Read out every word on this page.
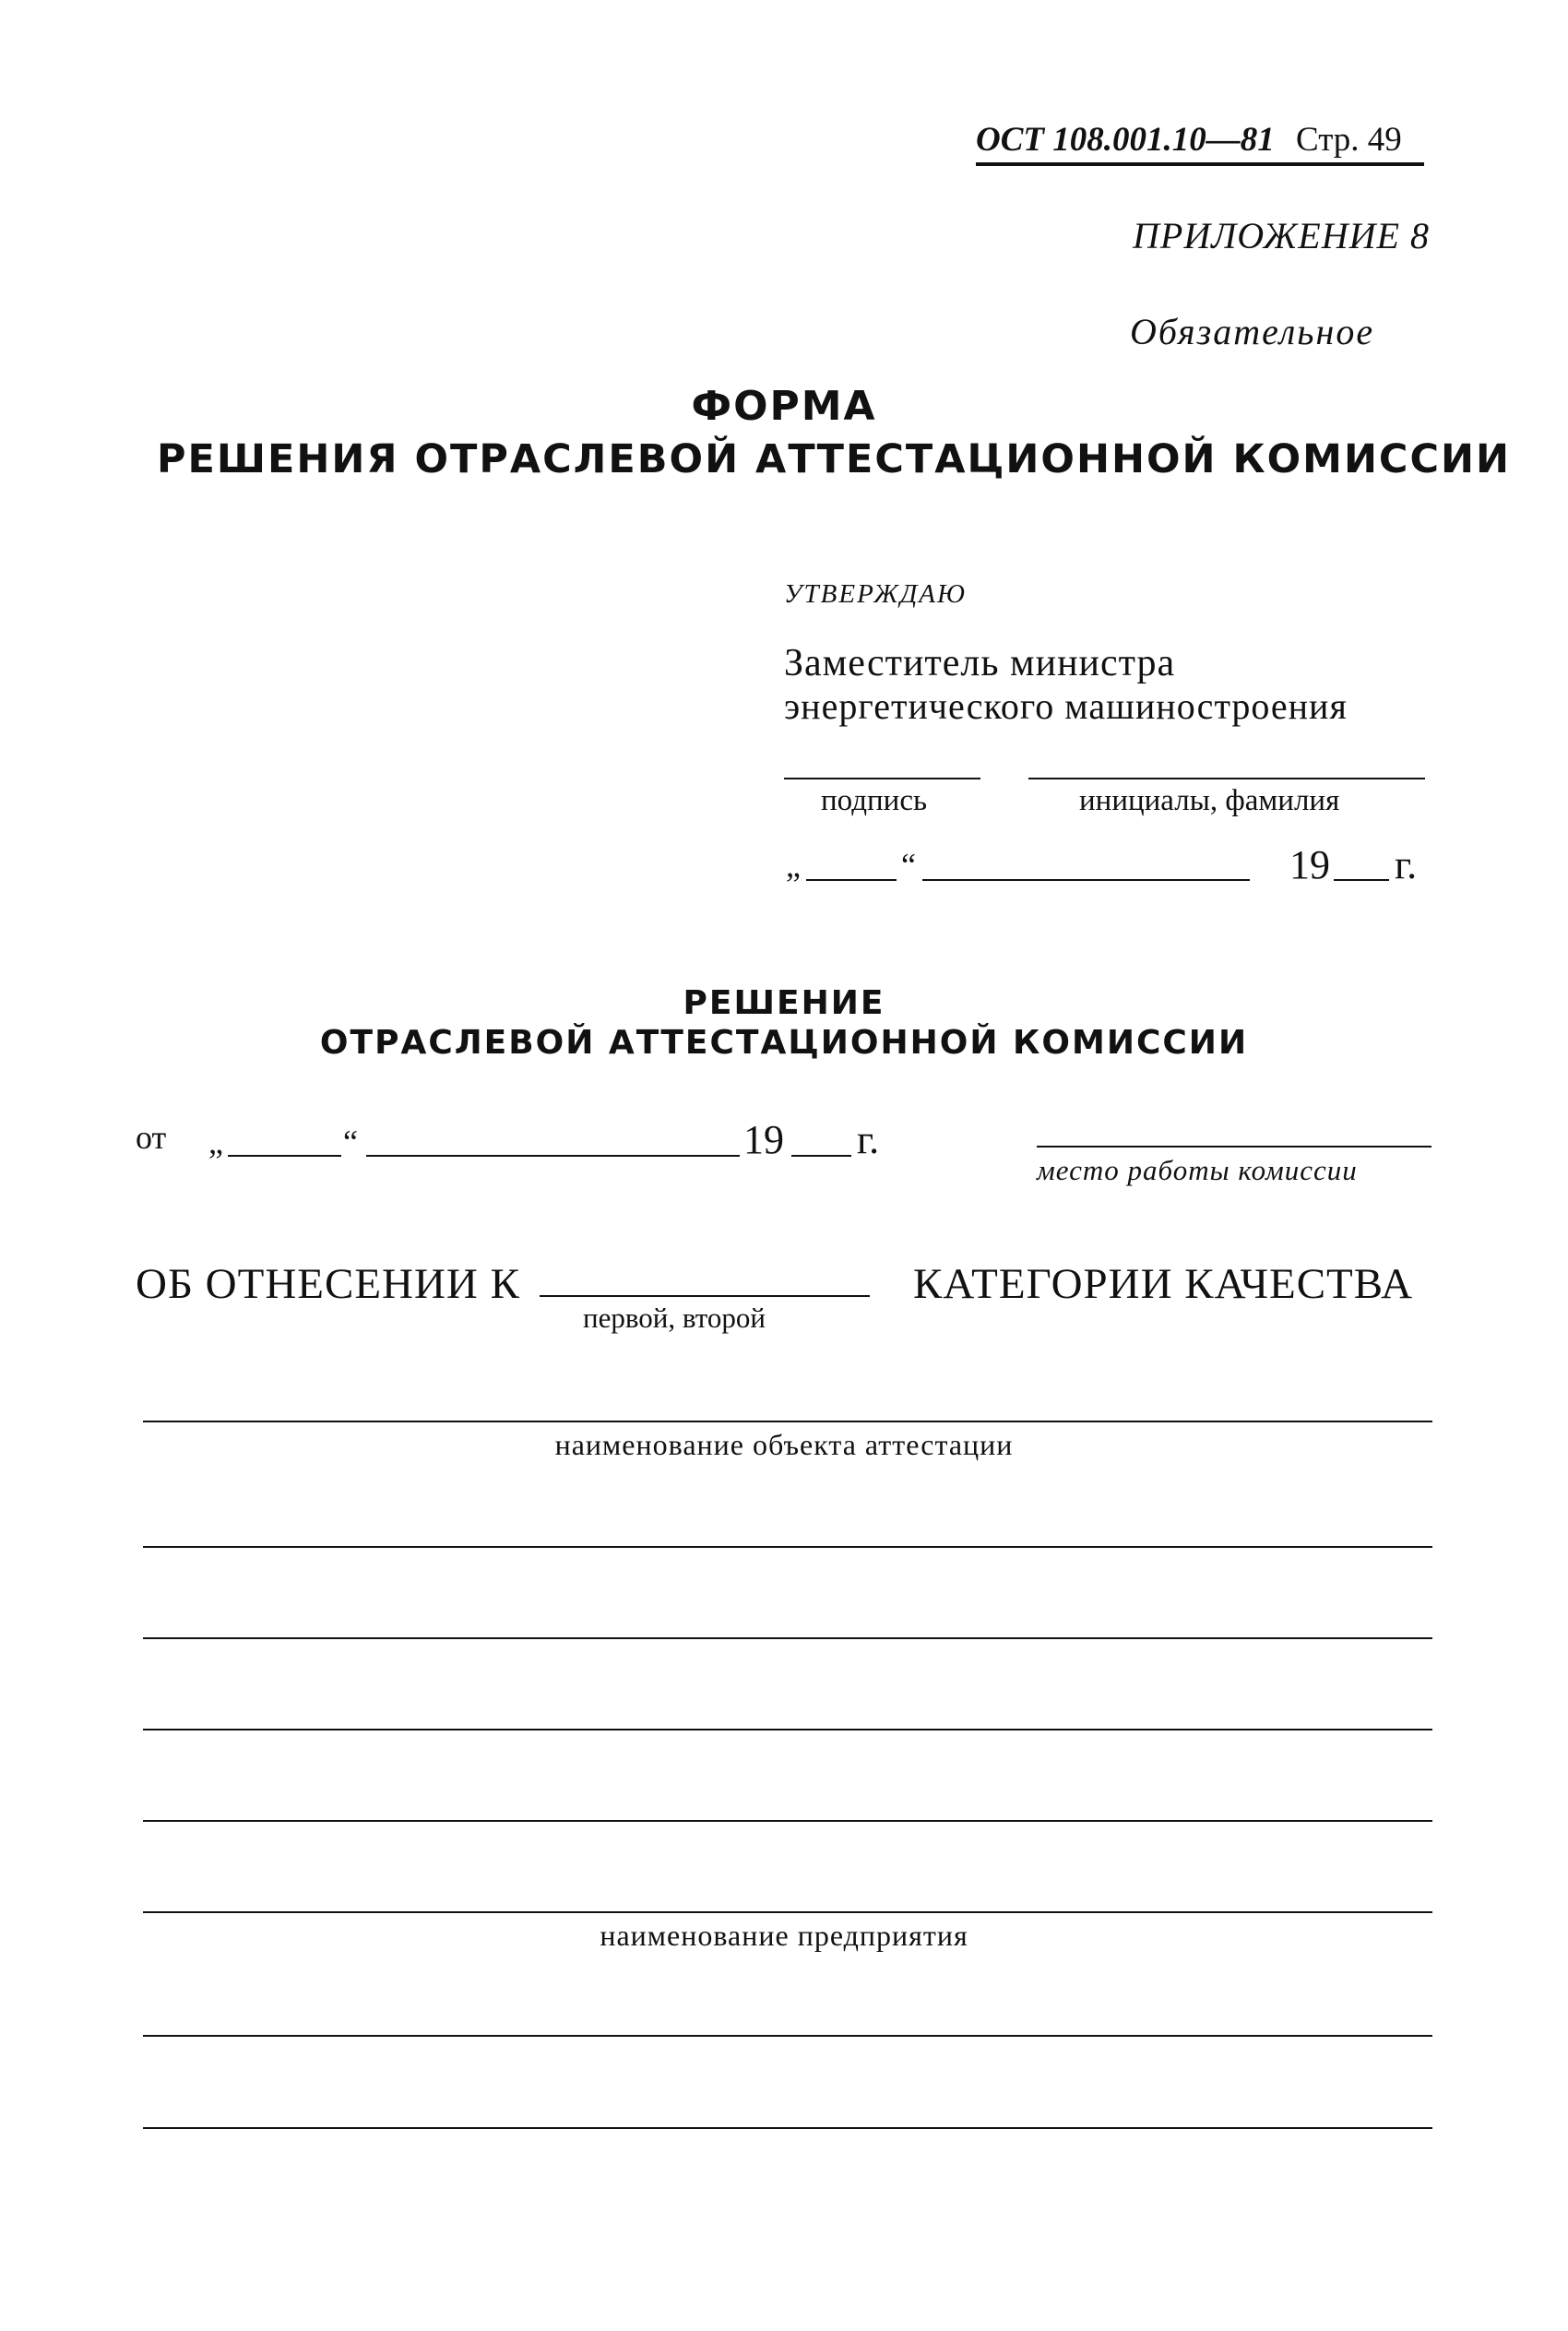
ОСТ 108.001.10—81 Стр. 49
ПРИЛОЖЕНИЕ 8
Обязательное
ФОРМА
РЕШЕНИЯ ОТРАСЛЕВОЙ АТТЕСТАЦИОННОЙ КОМИССИИ
УТВЕРЖДАЮ
Заместитель министра
энергетического машиностроения
подпись	инициалы, фамилия
„	“	19 г.
РЕШЕНИЕ
ОТРАСЛЕВОЙ АТТЕСТАЦИОННОЙ КОМИССИИ
от „	“	19 г.
место работы комиссии
ОБ ОТНЕСЕНИИ К
первой, второй
КАТЕГОРИИ КАЧЕСТВА
наименование объекта аттестации
наименование предприятия
